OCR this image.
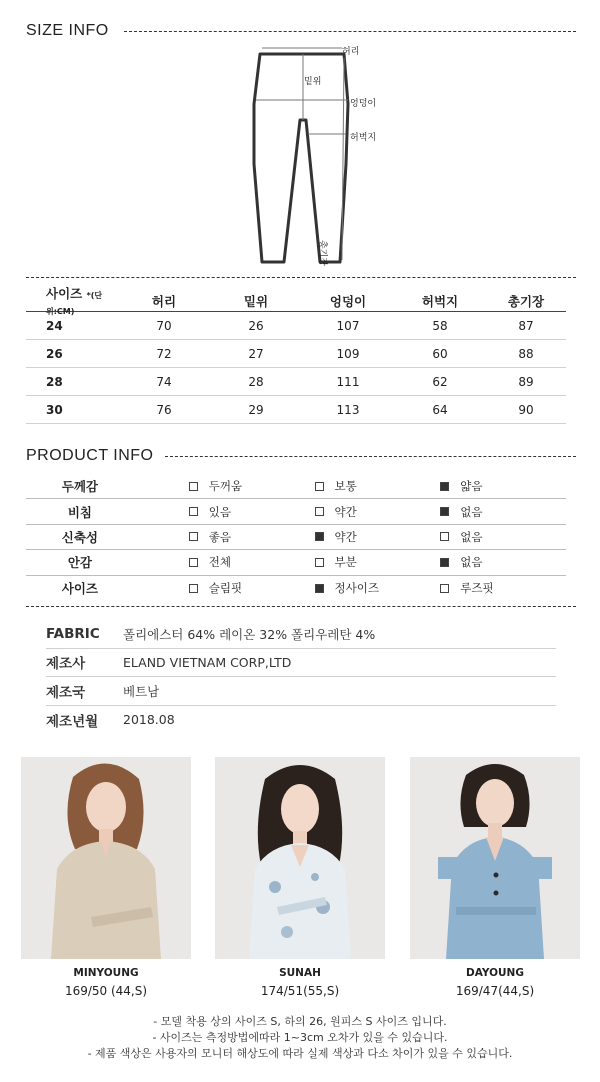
SIZE INFO
허리
밑위
엉덩이
허벅지
총기장
사이즈 *(단위:CM)
허리	밑위	엉덩이	허벅지	총기장
24	70	26	107	58	87
26	72	27	109	60	88
28	74	28	111	62	89
30	76	29	113	64	90
PRODUCT INFO
두께감	두꺼움	보통	얇음
비침	있음	약간	없음
신축성	좋음	약간	없음
안감	전체	부분	없음
사이즈	슬림핏	정사이즈	루즈핏
FABRIC	폴리에스터 64% 레이온 32% 폴리우레탄 4%
제조사	ELAND VIETNAM CORP,LTD
제조국	베트남
제조년월	2018.08
MINYOUNG
169/50 (44,S)
SUNAH
174/51(55,S)
DAYOUNG
169/47(44,S)
- 모델 착용 상의 사이즈 S, 하의 26, 원피스 S 사이즈 입니다.
- 사이즈는 측정방법에따라 1~3cm 오차가 있을 수 있습니다.
- 제품 색상은 사용자의 모니터 해상도에 따라 실제 색상과 다소 차이가 있을 수 있습니다.
